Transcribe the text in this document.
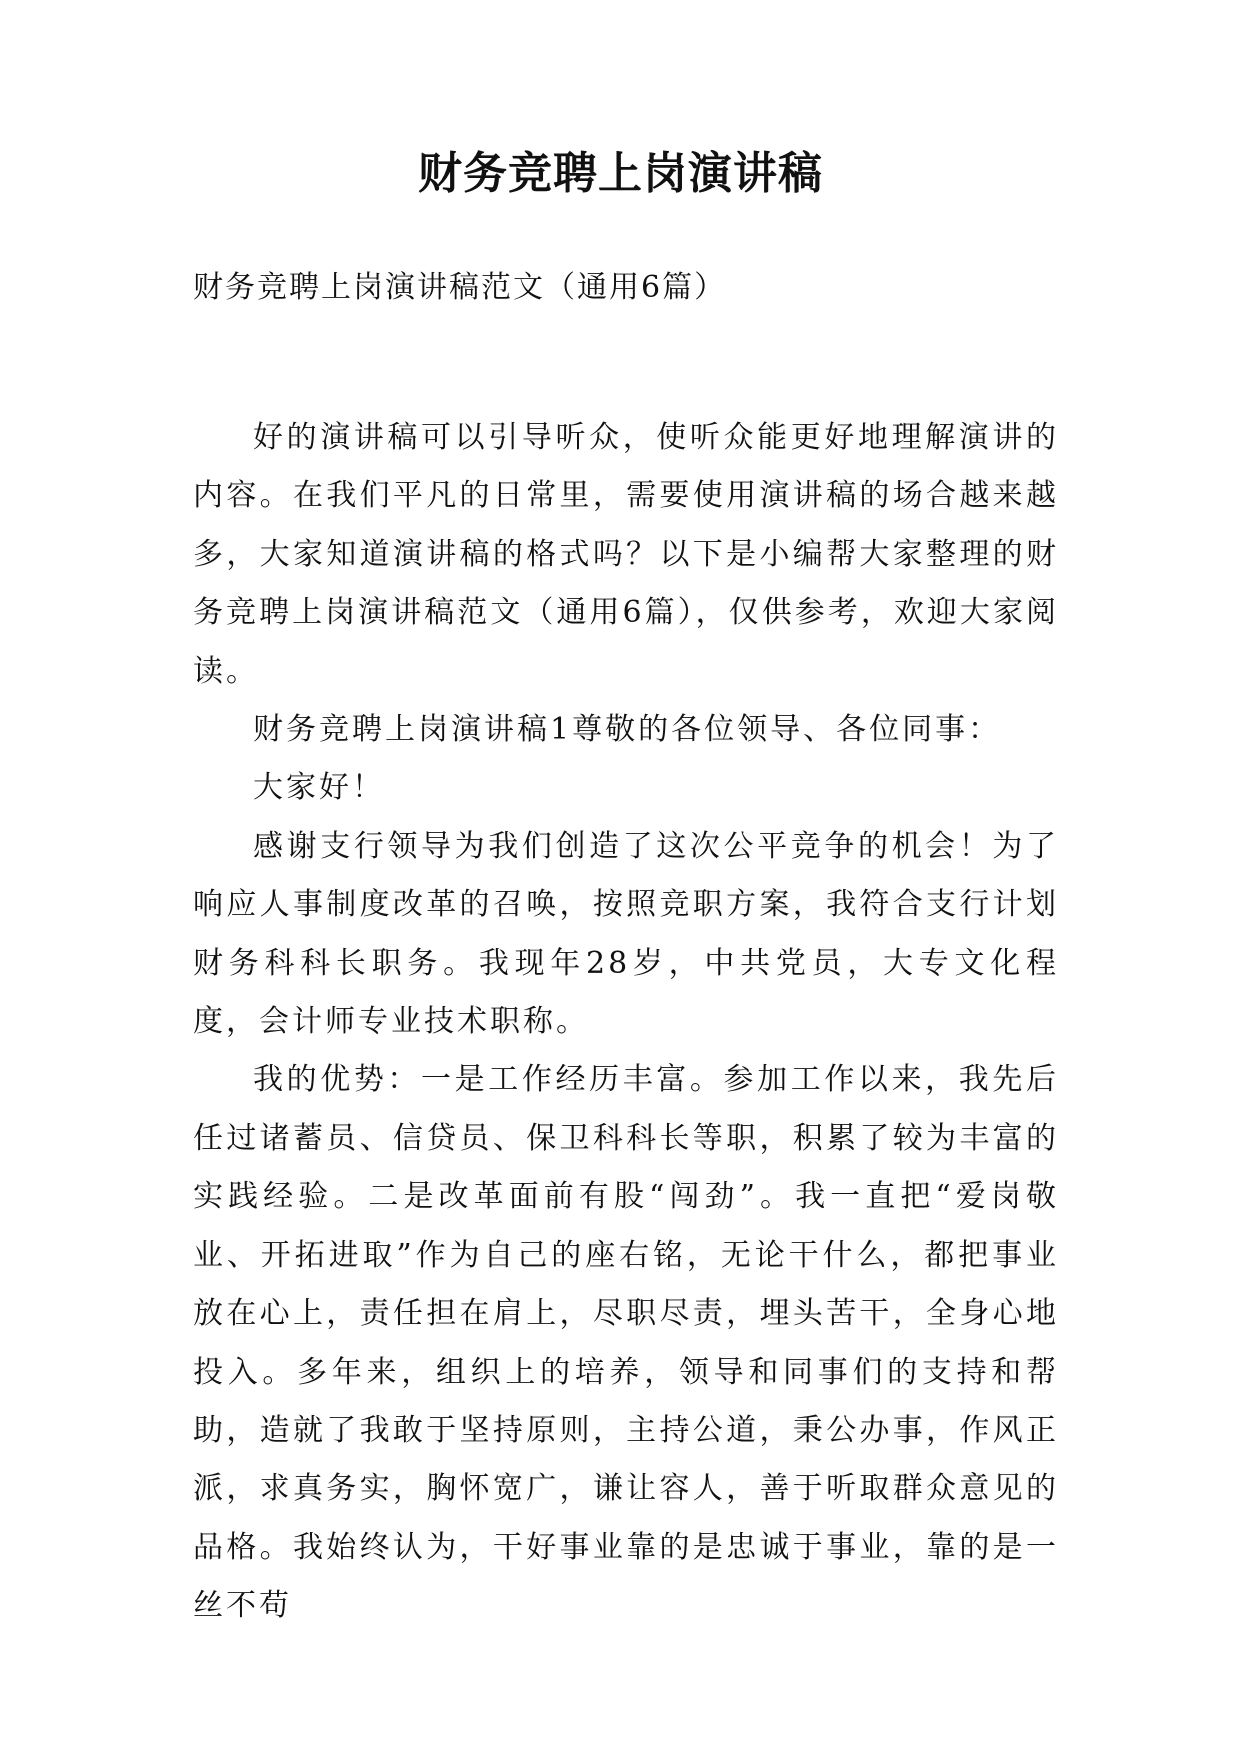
财务竞聘上岗演讲稿
财务竞聘上岗演讲稿范文（通用6篇）

好的演讲稿可以引导听众，使听众能更好地理解演讲的内容。在我们平凡的日常里，需要使用演讲稿的场合越来越多，大家知道演讲稿的格式吗？以下是小编帮大家整理的财务竞聘上岗演讲稿范文（通用6篇），仅供参考，欢迎大家阅读。

财务竞聘上岗演讲稿1尊敬的各位领导、各位同事：

大家好！

感谢支行领导为我们创造了这次公平竞争的机会！为了响应人事制度改革的召唤，按照竞职方案，我符合支行计划财务科科长职务。我现年28岁，中共党员，大专文化程度，会计师专业技术职称。

我的优势：一是工作经历丰富。参加工作以来，我先后任过诸蓄员、信贷员、保卫科科长等职，积累了较为丰富的实践经验。二是改革面前有股“闯劲”。我一直把“爱岗敬业、开拓进取”作为自己的座右铭，无论干什么，都把事业放在心上，责任担在肩上，尽职尽责，埋头苦干，全身心地投入。多年来，组织上的培养，领导和同事们的支持和帮助，造就了我敢于坚持原则，主持公道，秉公办事，作风正派，求真务实，胸怀宽广，谦让容人，善于听取群众意见的品格。我始终认为，干好事业靠的是忠诚于事业，靠的是一丝不苟
